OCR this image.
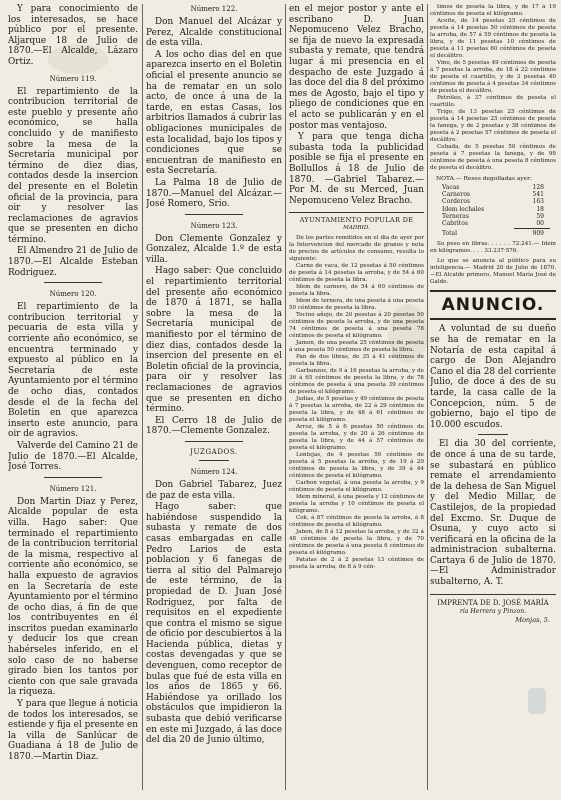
Y para conocimiento de los interesados, se hace público por el presente. Aljarque 18 de Julio de 1870.—El Alcalde, Lázaro Ortiz.

Número 119.

El repartimiento de la contribucion territorial de este pueblo y presente año económico, se halla concluido y de manifiesto sobre la mesa de la Secretaría municipal por término de diez dias, contados desde la insercion del presente en el Boletin oficial de la provincia, para oir y resolver las reclamaciones de agravios que se presenten en dicho término.

El Almendro 21 de Julio de 1870.—El Alcalde Esteban Rodriguez.

Número 120.

El repartimiento de la contribucion territorial y pecuaria de esta villa y corriente año económico, se encuentra terminado y expuesto al público en la Secretaría de este Ayuntamiento por el término de ocho dias, contados desde el de la fecha del Boletin en que aparezca inserto este anuncio, para oir de agravios.

Valverde del Camino 21 de Julio de 1870.—El Alcalde, José Torres.

Número 121.

Don Martin Diaz y Perez, Alcalde popular de esta villa. Hago saber: Que terminado el repartimiento de la contribucion territorial de la misma, respectivo al corriente año económico, se halla expuesto de agravios en la Secretaría de este Ayuntamiento por el término de ocho dias, á fin de que los contribuyentes en él inscritos puedan examinarlo y deducir los que crean habérseles inferido, en el solo caso de no haberse girado bien los tantos por ciento con que sale gravada la riqueza.

Y para que llegue á noticia de todos los interesados, se estiende y fija el presente en la villa de Sanlúcar de Guadiana á 18 de Julio de 1870.—Martin Diaz.

Número 122.

Don Manuel del Alcázar y Perez, Alcalde constitucional de esta villa.

A los ocho dias del en que aparezca inserto en el Boletin oficial el presente anuncio se ha de rematar en un solo acto, de once á una de la tarde, en estas Casas, los arbitrios llamados á cubrir las obligaciones municipales de esta localidad, bajo los tipos y condiciones que se encuentran de manifiesto en esta Secretaría.

La Palma 18 de Julio de 1870.—Manuel del Alcázar.—José Romero, Srio.

Número 123.

Don Clemente Gonzalez y Gonzalez, Alcalde 1.º de esta villa.

Hago saber: Que concluido el repartimiento territorial del presente año económico de 1870 á 1871, se halla sobre la mesa de la Secretaría municipal de manifiesto por el término de diez dias, contados desde la insercion del presente en el Boletin oficial de la provincia, para oir y resolver las reclamaciones de agravios que se presenten en dicho término.

El Cerro 18 de Julio de 1870.—Clemente Gonzalez.

JUZGADOS.
Número 124.

Don Gabriel Tabarez, Juez de paz de esta villa.

Hago saber: que habiéndose suspendido la subasta y remate de dos casas embargadas en calle Pedro Larios de esta poblacion y 6 fanegas de tierra al sitio del Palmarejo de este término, de la propiedad de D. Juan José Rodriguez, por falta de requisitos en el expediente que contra el mismo se sigue de oficio por descubiertos á la Hacienda pública, dietas y costas devengadas y que se devenguen, como receptor de bulas que fué de esta villa en los años de 1865 y 66. Habiéndose ya orillado los obstáculos que impidieron la subasta que debió verificarse en este mi Juzgado, á las doce del dia 20 de Junio último,

en el mejor postor y ante el escribano D. Juan Nepomuceno Velez Bracho, se fija de nuevo la expresada subasta y remate, que tendrá lugar á mi presencia en el despacho de este Juzgado á las doce del dia 8 del próximo mes de Agosto, bajo el tipo y pliego de condiciones que en el acto se publicarán y en el postor mas ventajoso.

Y para que tenga dicha subasta toda la publicidad posible se fija el presente en Bollullos á 18 de Julio de 1870. —Gabriel Tabarez.—Por M. de su Merced, Juan Nepomuceno Velez Bracho.

AYUNTAMIENTO POPULAR DE
MADRID.

De los partes remitidos en el dia de ayer por la Intervencion del mercado de granos y nota de precios de artículos de consumo, resulta lo siguiente:

Carne de vaca, de 12 pesetas á 50 céntimos de peseta á 14 pesetas la arroba, y de 54 á 60 céntimos de peseta la libra.

Idem de carnero, de 54 á 60 céntimos de peseta la libra.

Idem de ternera, de una peseta á una peseta 50 céntimos de peseta la libra.

Tocino añejo, de 20 pesetas á 20 pesetas 50 céntimos de peseta la arroba, y de una peseta 74 céntimos de peseta á una peseta 78 céntimos de peseta el kilógramo.

Jamon, de una peseta 25 céntimos de peseta á una peseta 50 céntimos de peseta la libra.

Pan de dos libras, de 35 á 41 céntimos de peseta la libra.

Garbanzos, de 9 á 16 pesetas la arroba, y de 36 á 65 céntimos de peseta la libra, y de 78 céntimos de peseta á una peseta 39 céntimos de peseta el kilógramo.

Judías, de 5 pesetas y 49 céntimos de peseta á 7 pesetas la arroba, de 22 á 29 céntimos de peseta la libra, y de 48 á 61 céntimos de peseta el kilógramo.

Arroz, de 5 á 6 pesetas 50 céntimos de peseta la arroba, y de 20 á 26 céntimos de peseta la libra, y de 44 á 57 céntimos de peseta el kilógramo.

Lentejas, de 4 pesetas 50 céntimos de peseta á 5 pesetas la arroba, y de 19 á 20 céntimos de peseta la libra, y de 39 á 44 céntimos de peseta el kilógramo.

Carbon vegetal, á una peseta la arroba, y 9 céntimos de peseta el kilógramo.

Idem mineral, á una peseta y 12 céntimos de peseta la arroba y 10 céntimos de peseta el kilógramo.

Cok, á 87 céntimos de peseta la arroba, á 8 céntimos de peseta el kilógramo.

Jabon, de 8 á 12 pesetas la arroba, y de 32 á 48 céntimos de peseta la libra, y de 70 céntimos de peseta á una peseta 6 céntimos de peseta el kilógramo.

Patatas de 2 á 2 pesetas 13 céntimos de peseta la arroba, de 8 á 9 cén-

timos de peseta la libra, y de 17 á 19 céntimos de peseta el kilógramo.

Aceite, de 14 pesetas 25 céntimos de peseta á 14 pesetas 50 céntimos de peseta la arroba, de 57 á 59 céntimos de peseta la libra, y de 11 pesetas 10 céntimos de peseta á 11 pesetas 60 céntimos de peseta el decálitro.

Vino, de 5 pesetas 49 céntimos de peseta á 7 pesetas la arroba, de 18 á 22 céntimos de peseta el cuartillo, y de 3 pesetas 40 céntimos de peseta á 4 pesetas 34 céntimos de peseta el decálitro.

Petróleo, á 37 céntimos de peseta el cuartillo.

Trigo, de 13 pesetas 25 céntimos de peseta á 14 pesetas 25 céntimos de peseta la fanega, y de 2 pesetas y 38 céntimos de peseta á 2 pesetas 57 céntimos de peseta el decálitro.

Cebada, de 5 pesetas 50 céntimos de peseta á 7 pesetas la fanega, y de 99 céntimos de peseta á una peseta 8 céntimos de peseta el decálitro.

NOTA.— Reses degolladas ayer:
Vacas	128
Carneros	541
Corderos	163
Idem lechales	18
Terneras	59
Cabritos	00
Total	909

Su peso en libras. . . . . . 72.241.— Idem en kilógramos. . . . 33.237·576.

Lo que se anuncia al público para su inteligencia.— Madrid 20 de Julio de 1870. —El Alcalde primero, Manuel María José de Galdo.

ANUNCIO.

A voluntad de su dueño se ha de rematar en la Notaría de esta capital á cargo de Don Alejandro Cano el dia 28 del corriente Julio, de doce á des de su tarde, la casa calle de la Concepcion, núm. 5 de gobierno, bajo el tipo de 10.000 escudos.

El dia 30 del corriente, de once á una de su tarde, se subastará en público remate el arrendamiento de la dehesa de San Miguel y del Medio Millar, de Castilejos, de la propiedad del Excmo. Sr. Duque de Osuna, y cuyo acto si verificará en la oficina de la administracion subalterna. Cartaya 6 de Julio de 1870. —El Administrador subalterno, A. T.

IMPRENTA DE D. JOSÉ MARÍA
ría Herrera y Pinzon.
Monjas, 5.
